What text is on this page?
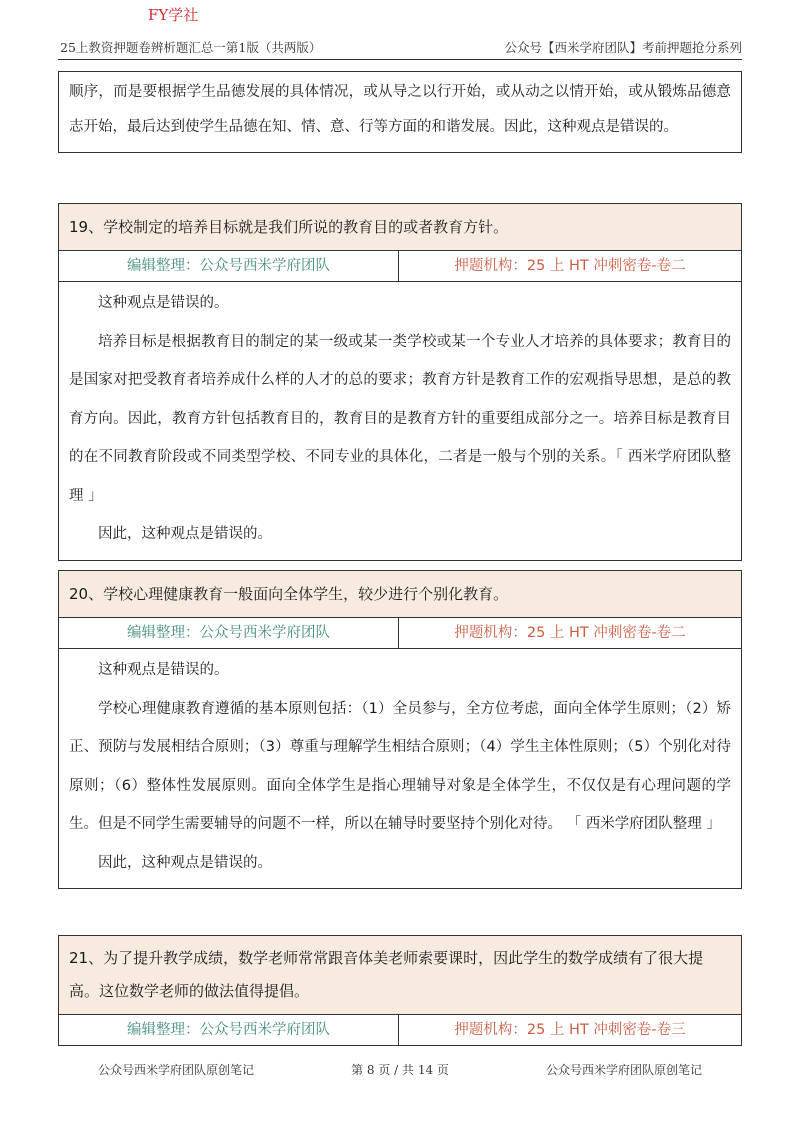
FY学社
25上教资押题卷辨析题汇总一第1版（共两版）	公众号【西米学府团队】考前押题抢分系列

顺序，而是要根据学生品德发展的具体情况，或从导之以行开始，或从动之以情开始，或从锻炼品德意志开始，最后达到使学生品德在知、情、意、行等方面的和谐发展。因此，这种观点是错误的。

19、学校制定的培养目标就是我们所说的教育目的或者教育方针。
编辑整理：公众号西米学府团队	押题机构：25 上 HT 冲刺密卷-卷二

这种观点是错误的。

培养目标是根据教育目的制定的某一级或某一类学校或某一个专业人才培养的具体要求；教育目的是国家对把受教育者培养成什么样的人才的总的要求；教育方针是教育工作的宏观指导思想，是总的教育方向。因此，教育方针包括教育目的，教育目的是教育方针的重要组成部分之一。培养目标是教育目的在不同教育阶段或不同类型学校、不同专业的具体化，二者是一般与个别的关系。「 西米学府团队整理 」

因此，这种观点是错误的。

20、学校心理健康教育一般面向全体学生，较少进行个别化教育。
编辑整理：公众号西米学府团队	押题机构：25 上 HT 冲刺密卷-卷二

这种观点是错误的。

学校心理健康教育遵循的基本原则包括：（1）全员参与，全方位考虑，面向全体学生原则；（2）矫正、预防与发展相结合原则；（3）尊重与理解学生相结合原则；（4）学生主体性原则；（5）个别化对待原则；（6）整体性发展原则。面向全体学生是指心理辅导对象是全体学生，不仅仅是有心理问题的学生。但是不同学生需要辅导的问题不一样，所以在辅导时要坚持个别化对待。 「 西米学府团队整理 」

因此，这种观点是错误的。

21、为了提升教学成绩，数学老师常常跟音体美老师索要课时，因此学生的数学成绩有了很大提高。这位数学老师的做法值得提倡。
编辑整理：公众号西米学府团队	押题机构：25 上 HT 冲刺密卷-卷三
公众号西米学府团队原创笔记	第 8 页 / 共 14 页	公众号西米学府团队原创笔记
